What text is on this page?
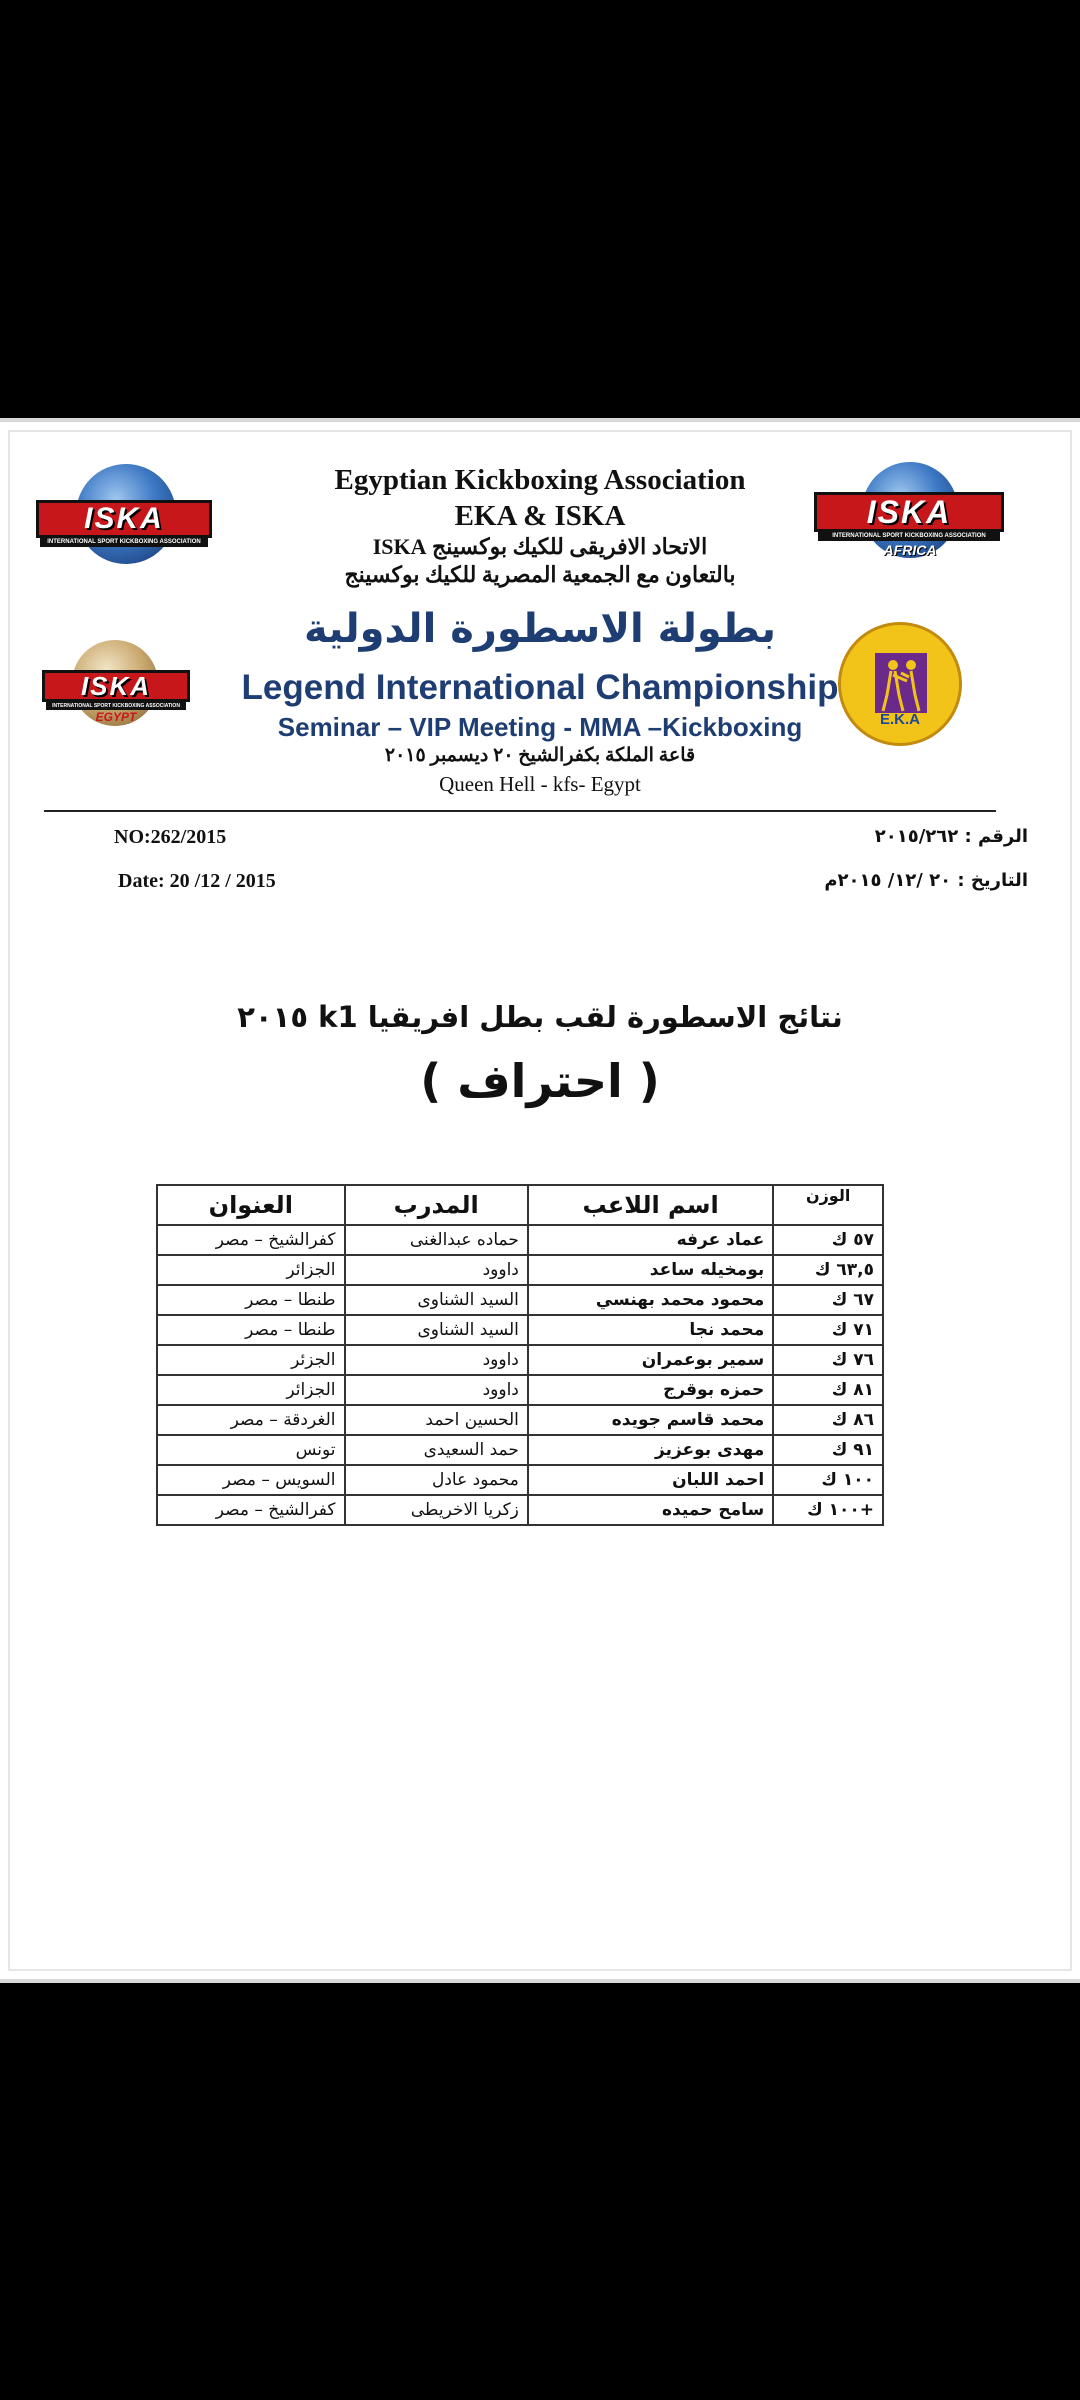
ISKA
INTERNATIONAL SPORT KICKBOXING ASSOCIATION
ISKA
INTERNATIONAL SPORT KICKBOXING ASSOCIATION
AFRICA
ISKA
INTERNATIONAL SPORT KICKBOXING ASSOCIATION
EGYPT	E.K.A
Egyptian Kickboxing Association
EKA & ISKA
الاتحاد الافريقى للكيك بوكسينج ISKA
بالتعاون مع الجمعية المصرية للكيك بوكسينج
بطولة الاسطورة الدولية
Legend International Championship
Seminar – VIP Meeting - MMA –Kickboxing
قاعة الملكة بكفرالشيخ ٢٠ ديسمبر ٢٠١٥
Queen Hell - kfs- Egypt
NO:262/2015
Date: 20 /12 / 2015
الرقم : ٢٠١٥/٢٦٢
التاريخ : ٢٠ /١٢/ ٢٠١٥م
نتائج الاسطورة لقب بطل افريقيا k1 ٢٠١٥
( احتراف )
الوزن	اسم اللاعب	المدرب	العنوان
٥٧ ك	عماد عرفه	حماده عبدالغنى	كفرالشيخ – مصر
٦٣,٥ ك	بومخيله ساعد	داوود	الجزائر
٦٧ ك	محمود محمد بهنسي	السيد الشناوى	طنطا – مصر
٧١ ك	محمد نجا	السيد الشناوى	طنطا – مصر
٧٦ ك	سمير بوعمران	داوود	الجزئر
٨١ ك	حمزه بوقرج	داوود	الجزائر
٨٦ ك	محمد قاسم جويده	الحسين احمد	الغردقة – مصر
٩١ ك	مهدى بوعزيز	حمد السعيدى	تونس
١٠٠ ك	احمد اللبان	محمود عادل	السويس – مصر
+١٠٠ ك	سامح حميده	زكريا الاخريطى	كفرالشيخ – مصر
